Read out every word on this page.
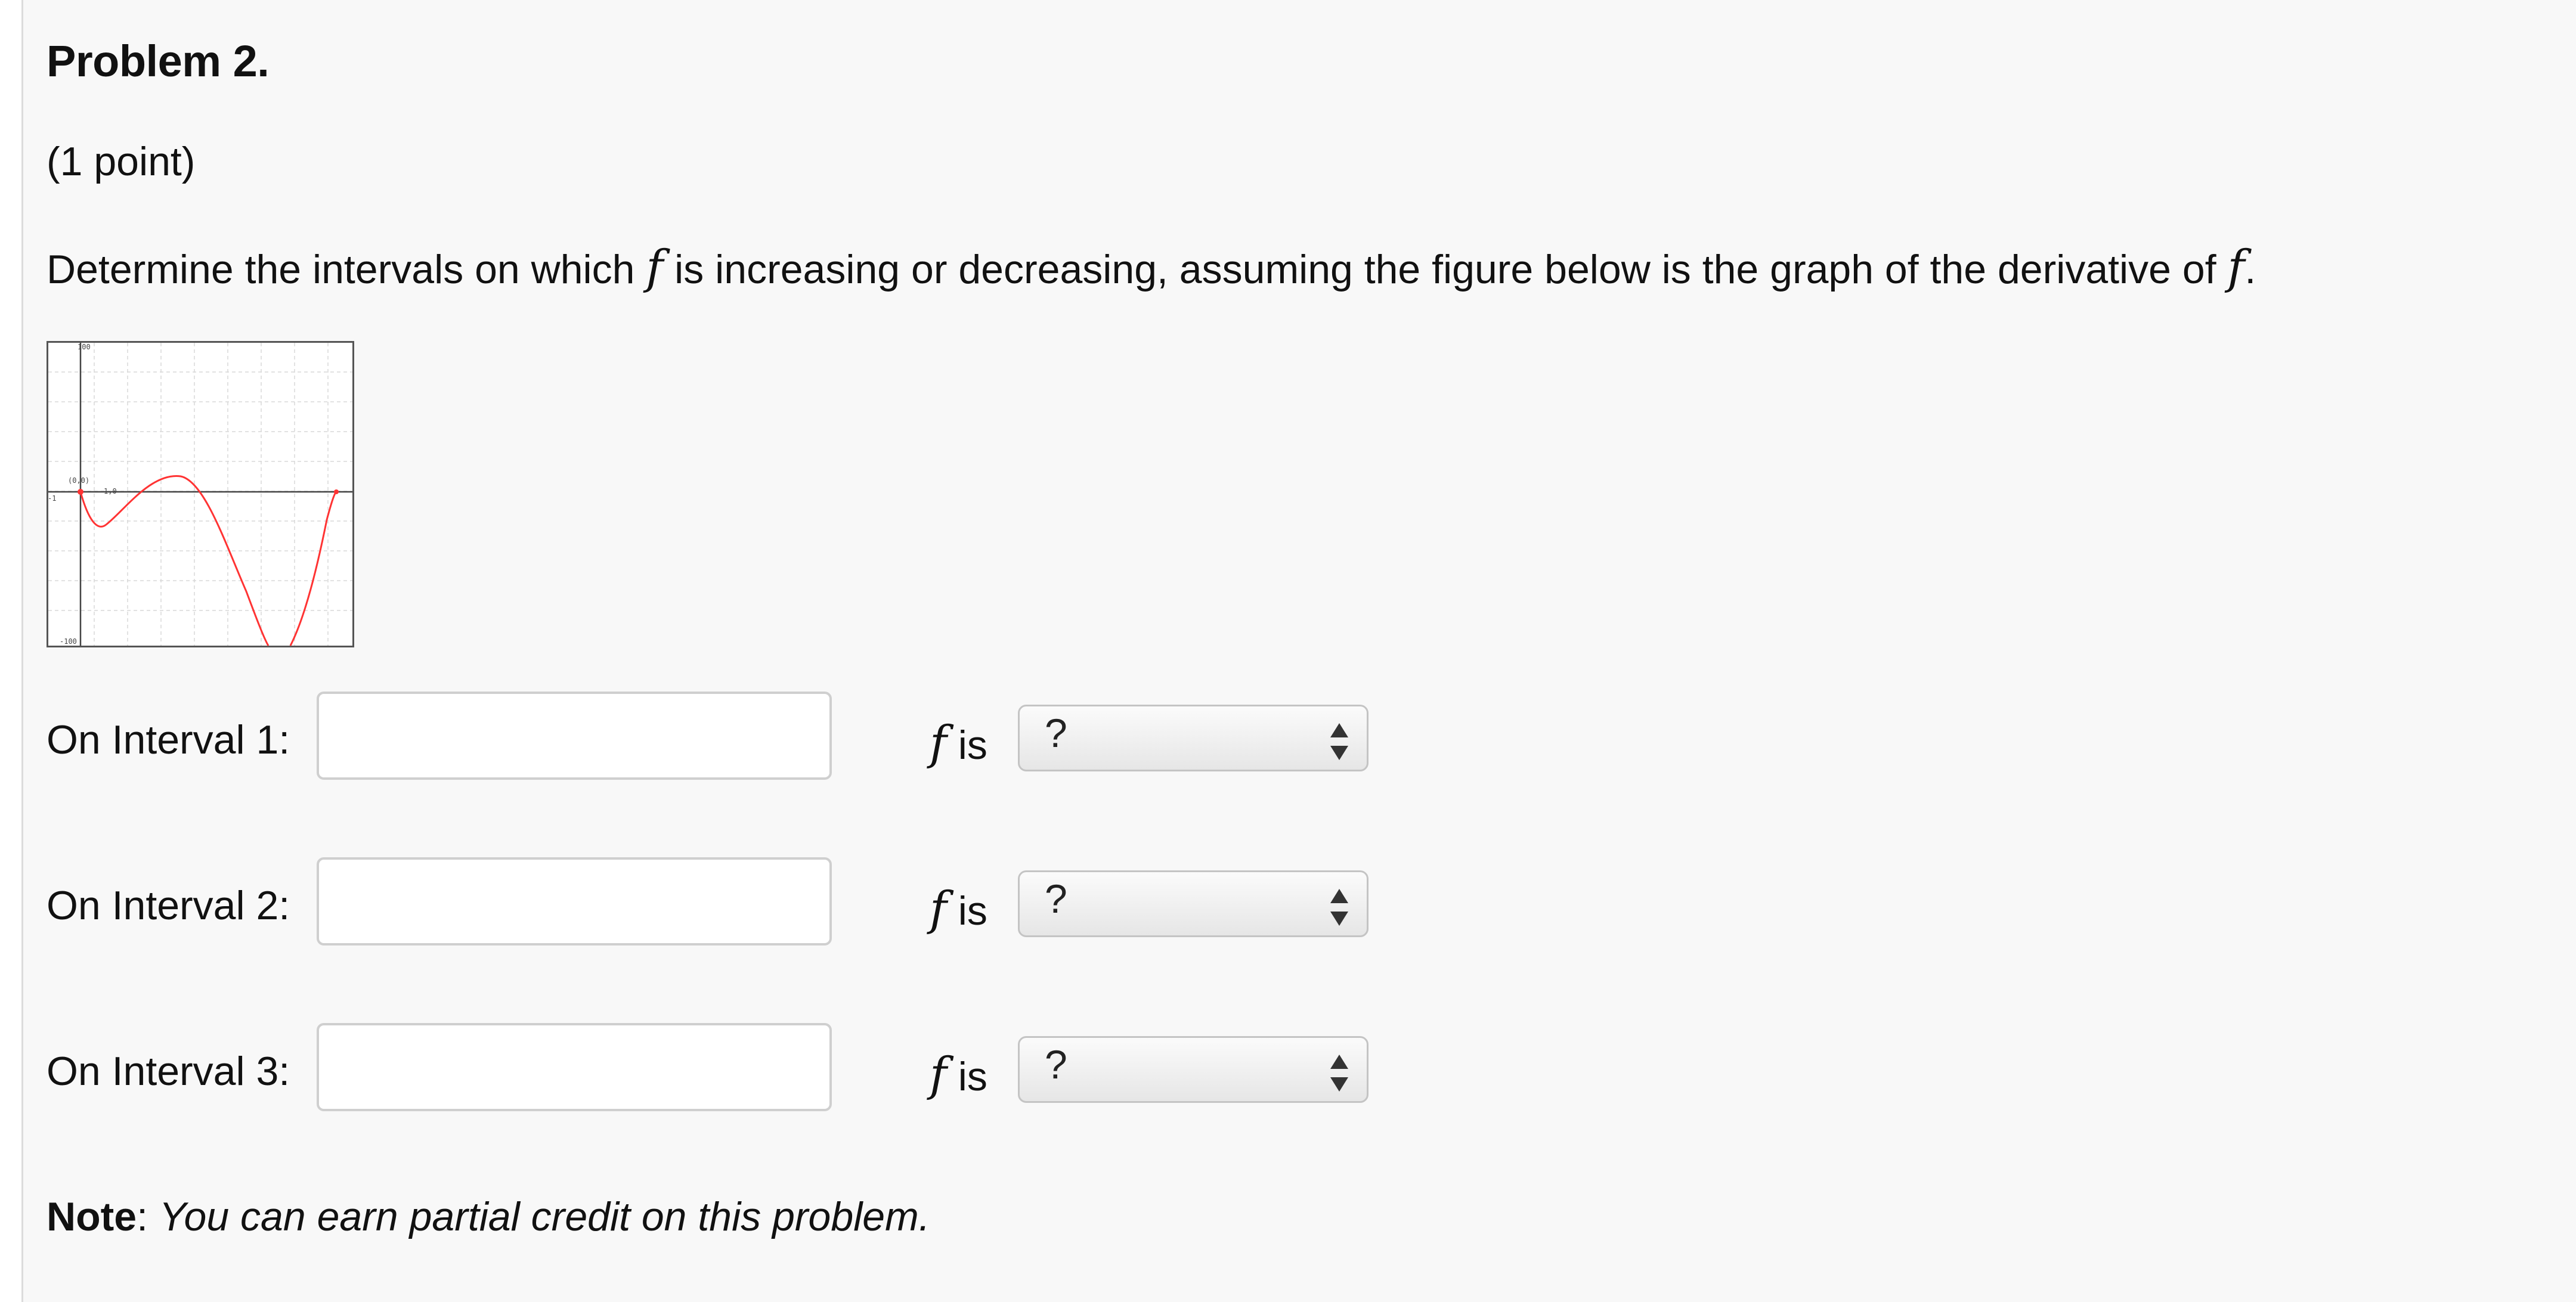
Problem 2.
(1 point)
Determine the intervals on which f is increasing or decreasing, assuming the figure below is the graph of the derivative of f.
100
-100
-1
(0,0)
1,0
On Interval 1:	f is ?
On Interval 2:	f is ?
On Interval 3:	f is ?
Note: You can earn partial credit on this problem.
